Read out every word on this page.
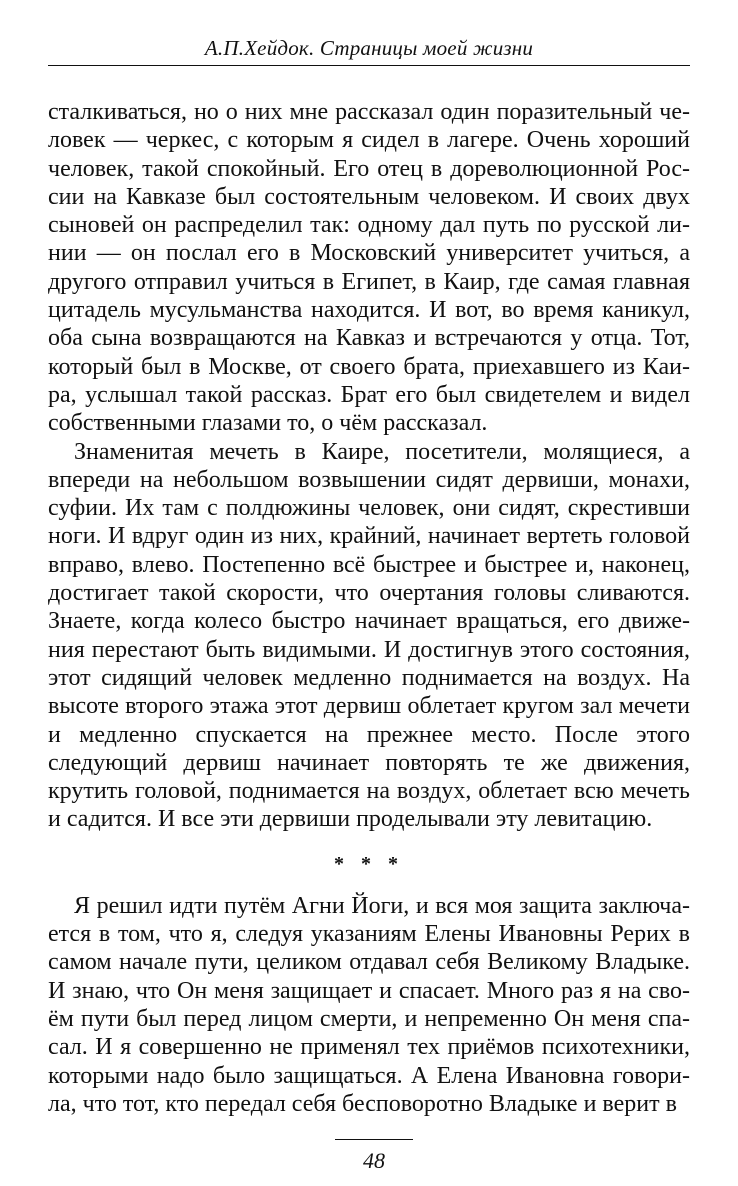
А.П.Хейдок. Страницы моей жизни

сталкиваться, но о них мне рассказал один поразительный человек — черкес, с которым я сидел в лагере. Очень хороший человек, такой спокойный. Его отец в дореволюционной России на Кавказе был состоятельным человеком. И своих двух сыновей он распределил так: одному дал путь по русской линии — он послал его в Московский университет учиться, а другого отправил учиться в Египет, в Каир, где самая главная цитадель мусульманства находится. И вот, во время каникул, оба сына возвращаются на Кавказ и встречаются у отца. Тот, который был в Москве, от своего брата, приехавшего из Каира, услышал такой рассказ. Брат его был свидетелем и видел собственными глазами то, о чём рассказал.

Знаменитая мечеть в Каире, посетители, молящиеся, а впереди на небольшом возвышении сидят дервиши, монахи, суфии. Их там с полдюжины человек, они сидят, скрестивши ноги. И вдруг один из них, крайний, начинает вертеть головой вправо, влево. Постепенно всё быстрее и быстрее и, наконец, достигает такой скорости, что очертания головы сливаются. Знаете, когда колесо быстро начинает вращаться, его движения перестают быть видимыми. И достигнув этого состояния, этот сидящий человек медленно поднимается на воздух. На высоте второго этажа этот дервиш облетает кругом зал мечети и медленно спускается на прежнее место. После этого следующий дервиш начинает повторять те же движения, крутить головой, поднимается на воздух, облетает всю мечеть и садится. И все эти дервиши проделывали эту левитацию.

* * *

Я решил идти путём Агни Йоги, и вся моя защита заключается в том, что я, следуя указаниям Елены Ивановны Рерих в самом начале пути, целиком отдавал себя Великому Владыке. И знаю, что Он меня защищает и спасает. Много раз я на своём пути был перед лицом смерти, и непременно Он меня спасал. И я совершенно не применял тех приёмов психотехники, которыми надо было защищаться. А Елена Ивановна говорила, что тот, кто передал себя бесповоротно Владыке и верит в

48
